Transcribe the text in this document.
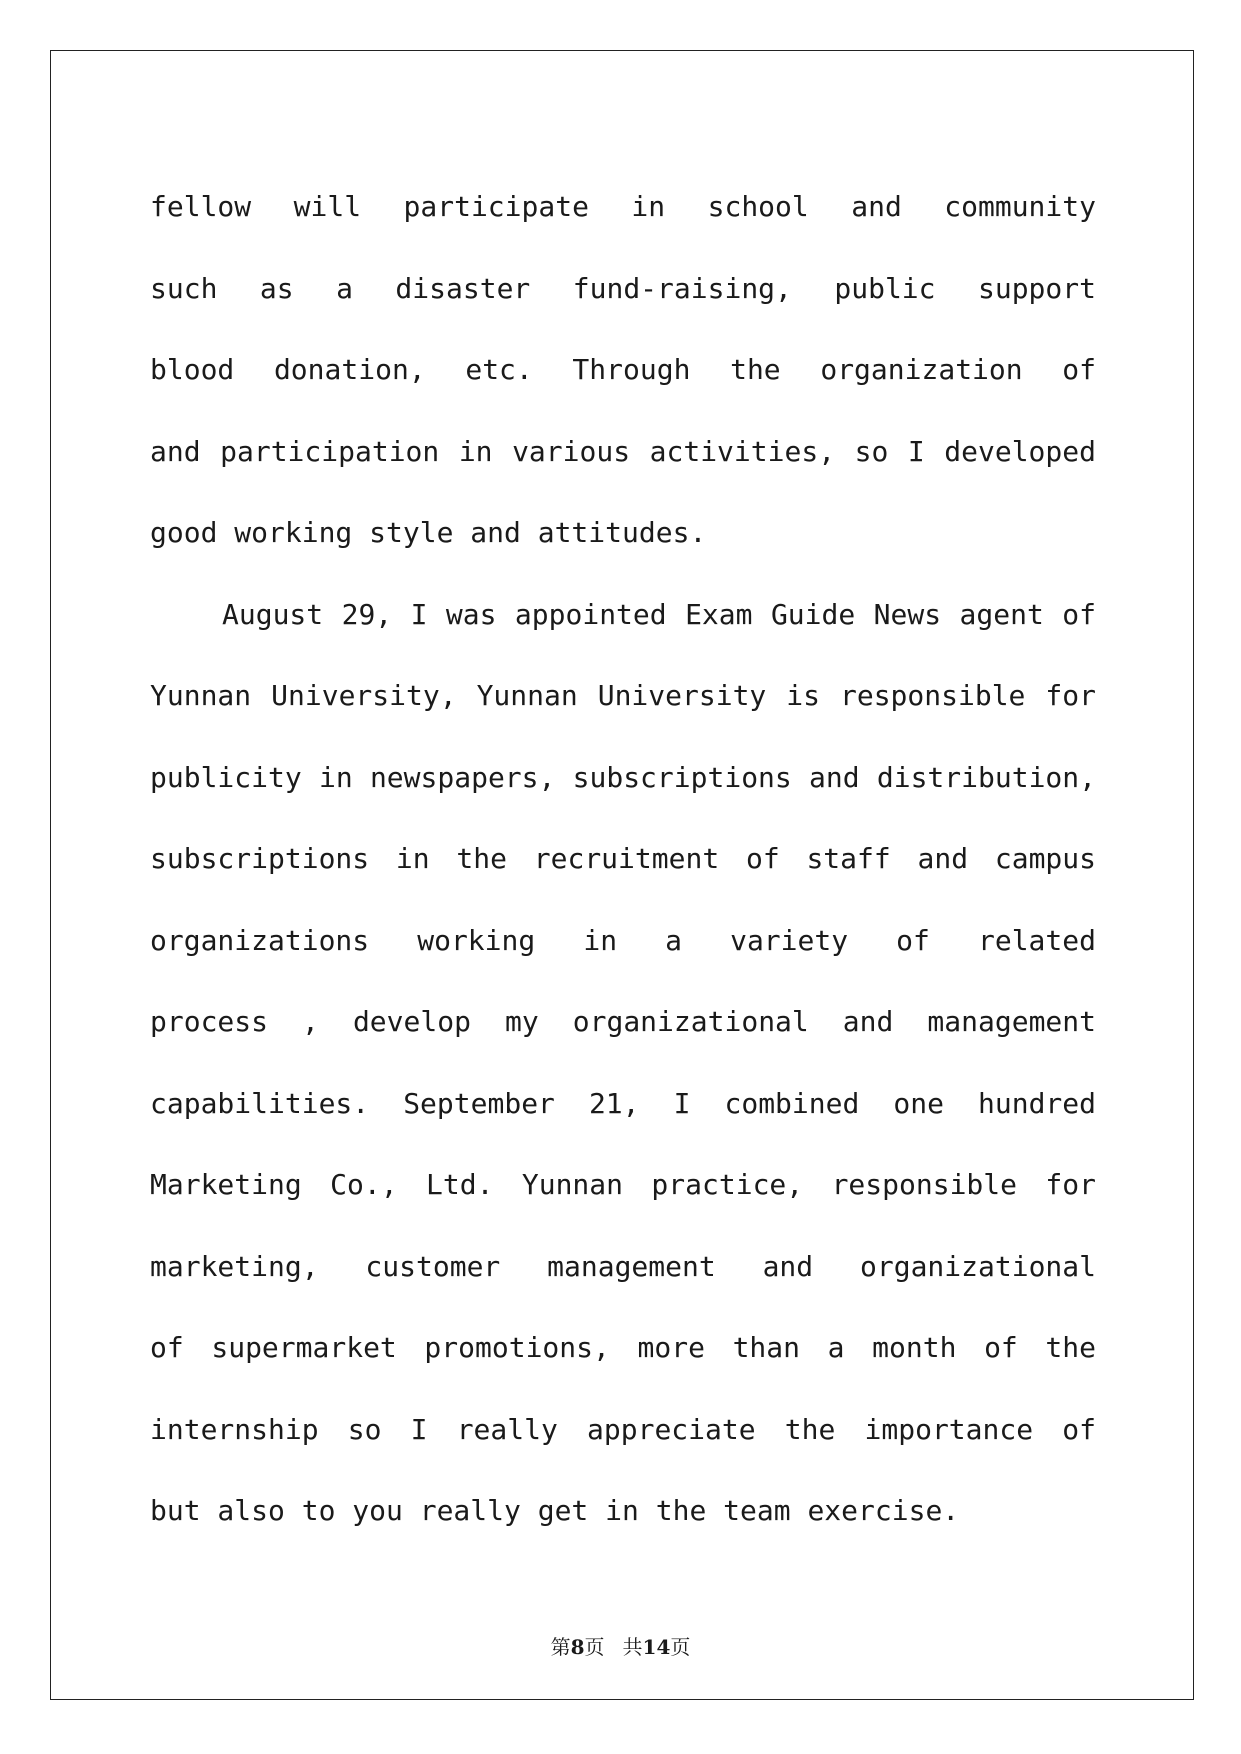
fellow will participate in school and community
such as a disaster fund-raising, public support
blood donation, etc. Through the organization of
and participation in various activities, so I developed
good working style and attitudes.
August 29, I was appointed Exam Guide News agent of
Yunnan University, Yunnan University is responsible for
publicity in newspapers, subscriptions and distribution,
subscriptions in the recruitment of staff and campus
organizations working in a variety of related
process , develop my organizational and management
capabilities. September 21, I combined one hundred
Marketing Co., Ltd. Yunnan practice, responsible for
marketing, customer management and organizational
of supermarket promotions, more than a month of the
internship so I really appreciate the importance of
but also to you really get in the team exercise.
第8页 共14页
